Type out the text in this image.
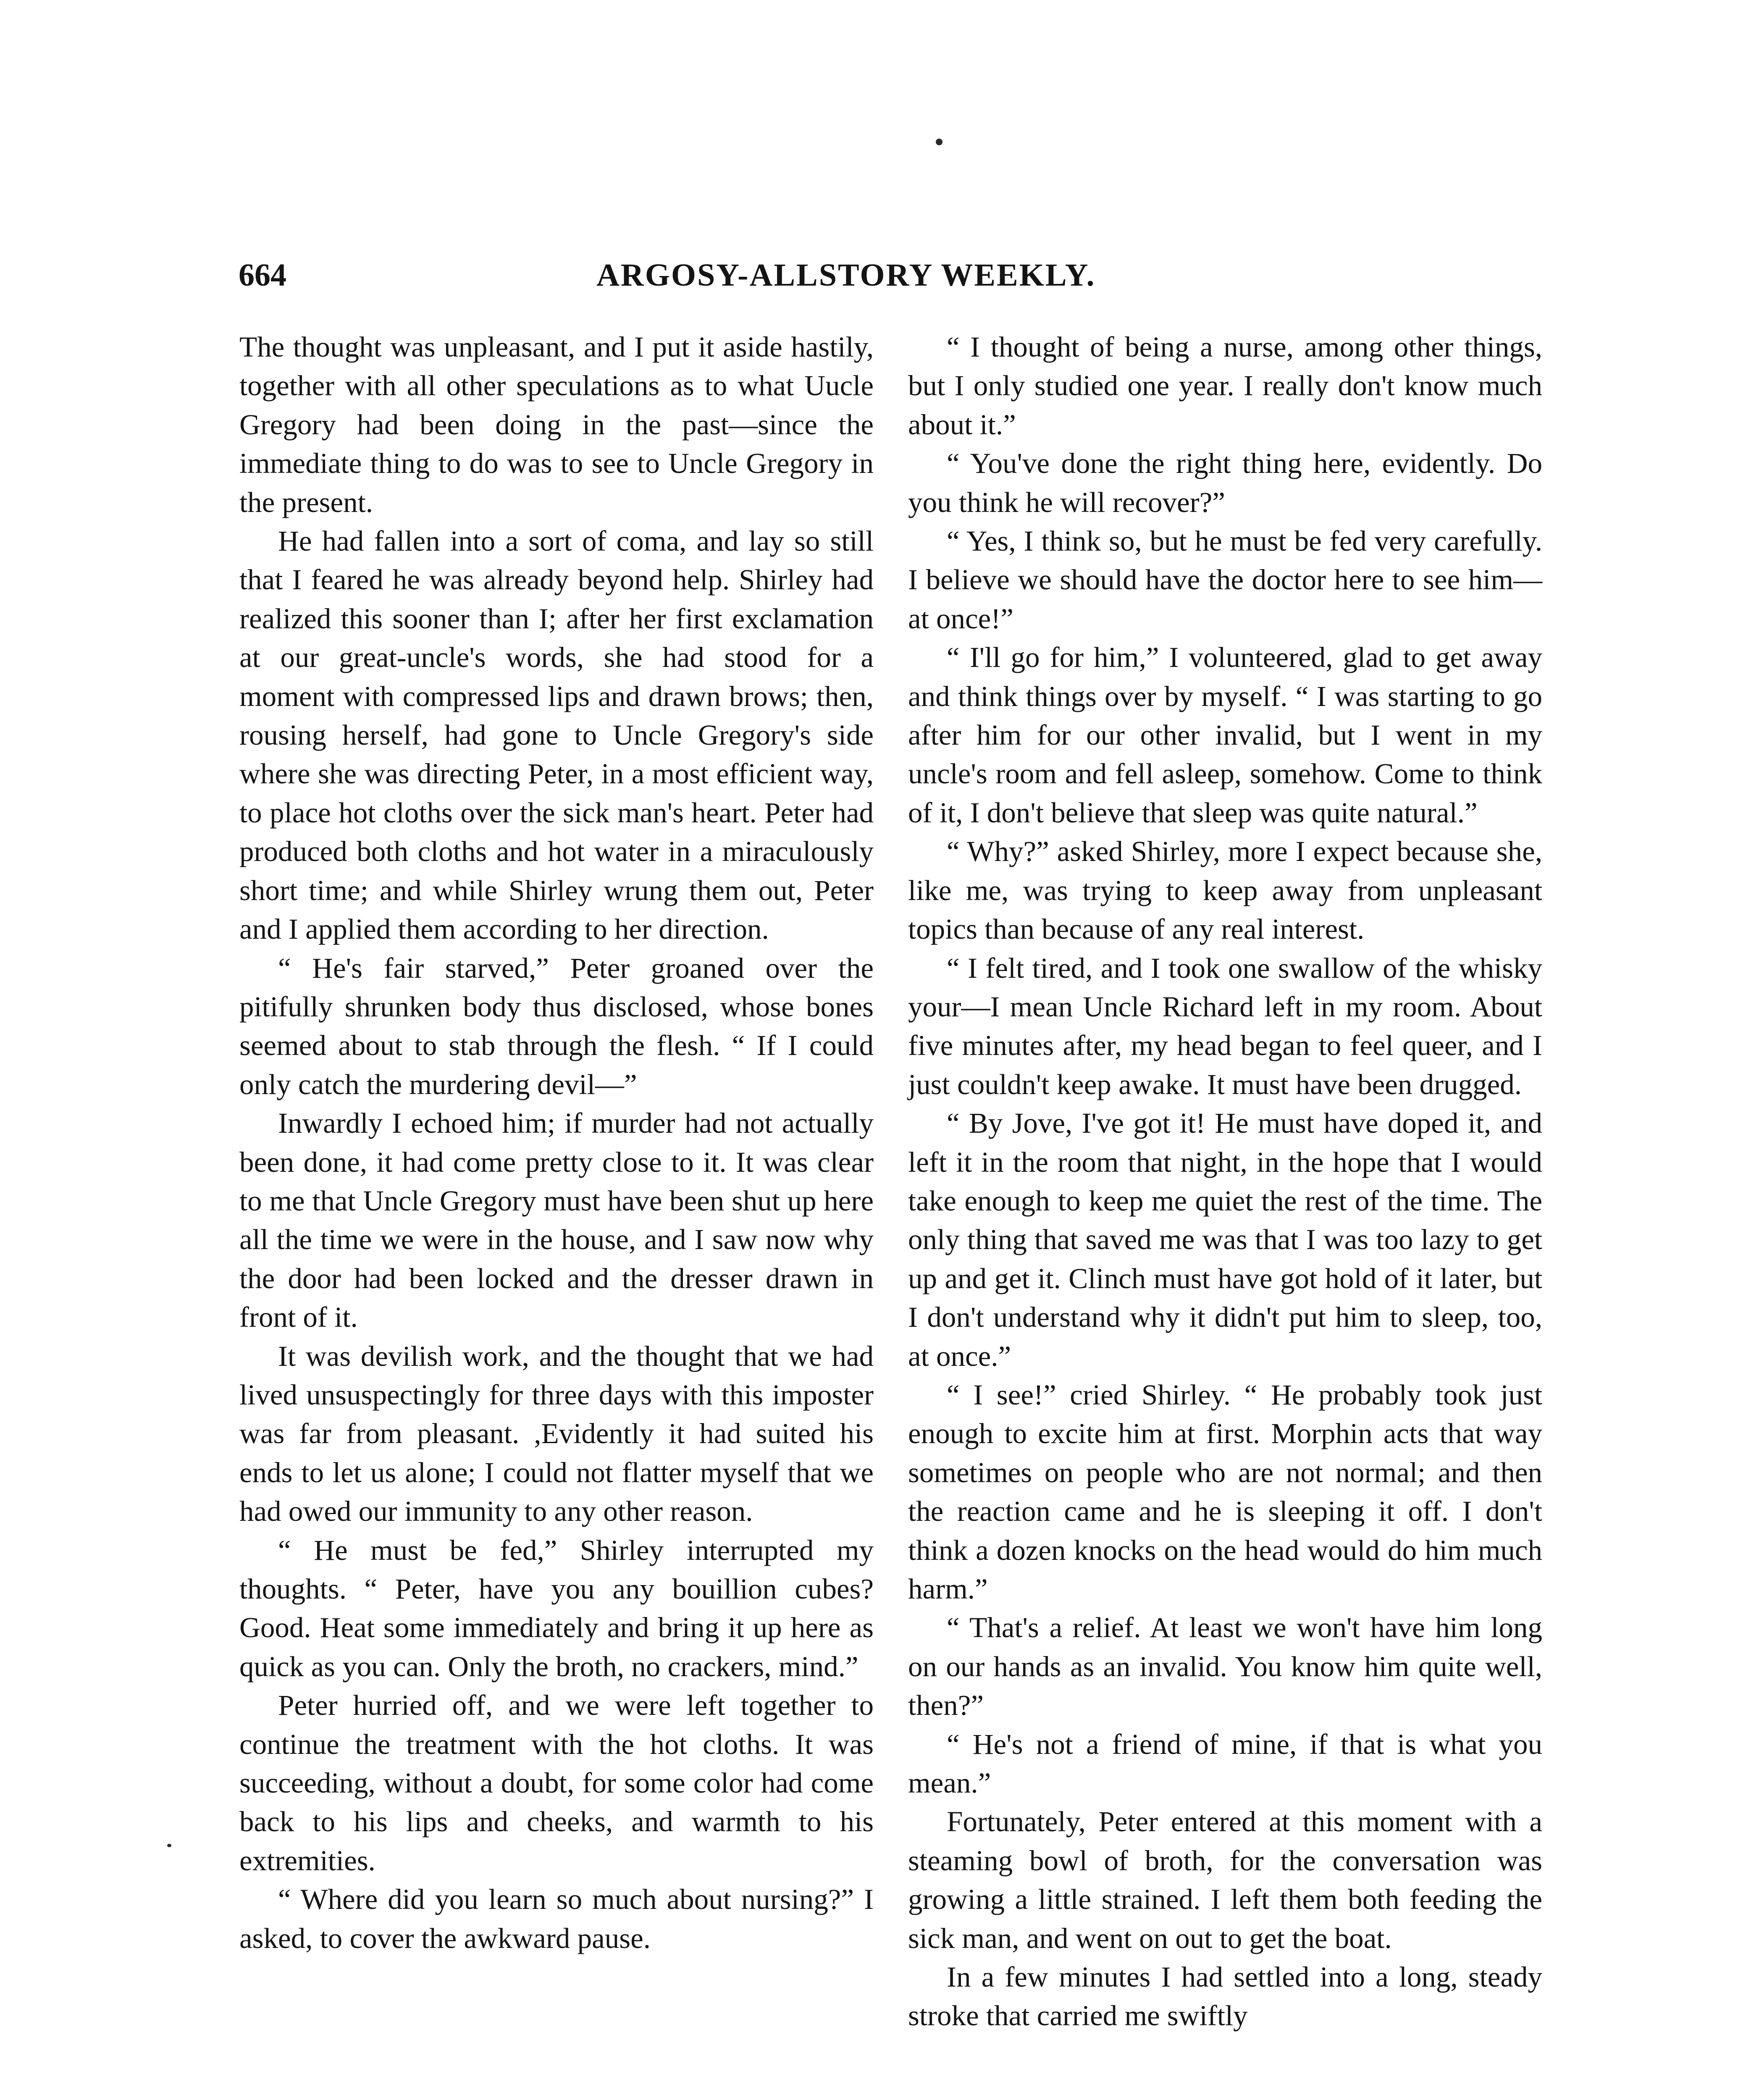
664	ARGOSY-ALLSTORY WEEKLY.

The thought was unpleasant, and I put it aside hastily, together with all other speculations as to what Uucle Gregory had been doing in the past—since the immediate thing to do was to see to Uncle Gregory in the present.

He had fallen into a sort of coma, and lay so still that I feared he was already beyond help. Shirley had realized this sooner than I; after her first exclamation at our great-uncle's words, she had stood for a moment with compressed lips and drawn brows; then, rousing herself, had gone to Uncle Gregory's side where she was directing Peter, in a most efficient way, to place hot cloths over the sick man's heart. Peter had produced both cloths and hot water in a miraculously short time; and while Shirley wrung them out, Peter and I applied them according to her direction.

“ He's fair starved,” Peter groaned over the pitifully shrunken body thus disclosed, whose bones seemed about to stab through the flesh. “ If I could only catch the murdering devil—”

Inwardly I echoed him; if murder had not actually been done, it had come pretty close to it. It was clear to me that Uncle Gregory must have been shut up here all the time we were in the house, and I saw now why the door had been locked and the dresser drawn in front of it.

It was devilish work, and the thought that we had lived unsuspectingly for three days with this imposter was far from pleasant. ,Evidently it had suited his ends to let us alone; I could not flatter myself that we had owed our immunity to any other reason.

“ He must be fed,” Shirley interrupted my thoughts. “ Peter, have you any bouillion cubes? Good. Heat some immediately and bring it up here as quick as you can. Only the broth, no crackers, mind.”

Peter hurried off, and we were left together to continue the treatment with the hot cloths. It was succeeding, without a doubt, for some color had come back to his lips and cheeks, and warmth to his extremities.

“ Where did you learn so much about nursing?” I asked, to cover the awkward pause.

“ I thought of being a nurse, among other things, but I only studied one year. I really don't know much about it.”

“ You've done the right thing here, evidently. Do you think he will recover?”

“ Yes, I think so, but he must be fed very carefully. I believe we should have the doctor here to see him—at once!”

“ I'll go for him,” I volunteered, glad to get away and think things over by myself. “ I was starting to go after him for our other invalid, but I went in my uncle's room and fell asleep, somehow. Come to think of it, I don't believe that sleep was quite natural.”

“ Why?” asked Shirley, more I expect because she, like me, was trying to keep away from unpleasant topics than because of any real interest.

“ I felt tired, and I took one swallow of the whisky your—I mean Uncle Richard left in my room. About five minutes after, my head began to feel queer, and I just couldn't keep awake. It must have been drugged.

“ By Jove, I've got it! He must have doped it, and left it in the room that night, in the hope that I would take enough to keep me quiet the rest of the time. The only thing that saved me was that I was too lazy to get up and get it. Clinch must have got hold of it later, but I don't understand why it didn't put him to sleep, too, at once.”

“ I see!” cried Shirley. “ He probably took just enough to excite him at first. Morphin acts that way sometimes on people who are not normal; and then the reaction came and he is sleeping it off. I don't think a dozen knocks on the head would do him much harm.”

“ That's a relief. At least we won't have him long on our hands as an invalid. You know him quite well, then?”

“ He's not a friend of mine, if that is what you mean.”

Fortunately, Peter entered at this moment with a steaming bowl of broth, for the conversation was growing a little strained. I left them both feeding the sick man, and went on out to get the boat.

In a few minutes I had settled into a long, steady stroke that carried me swiftly
